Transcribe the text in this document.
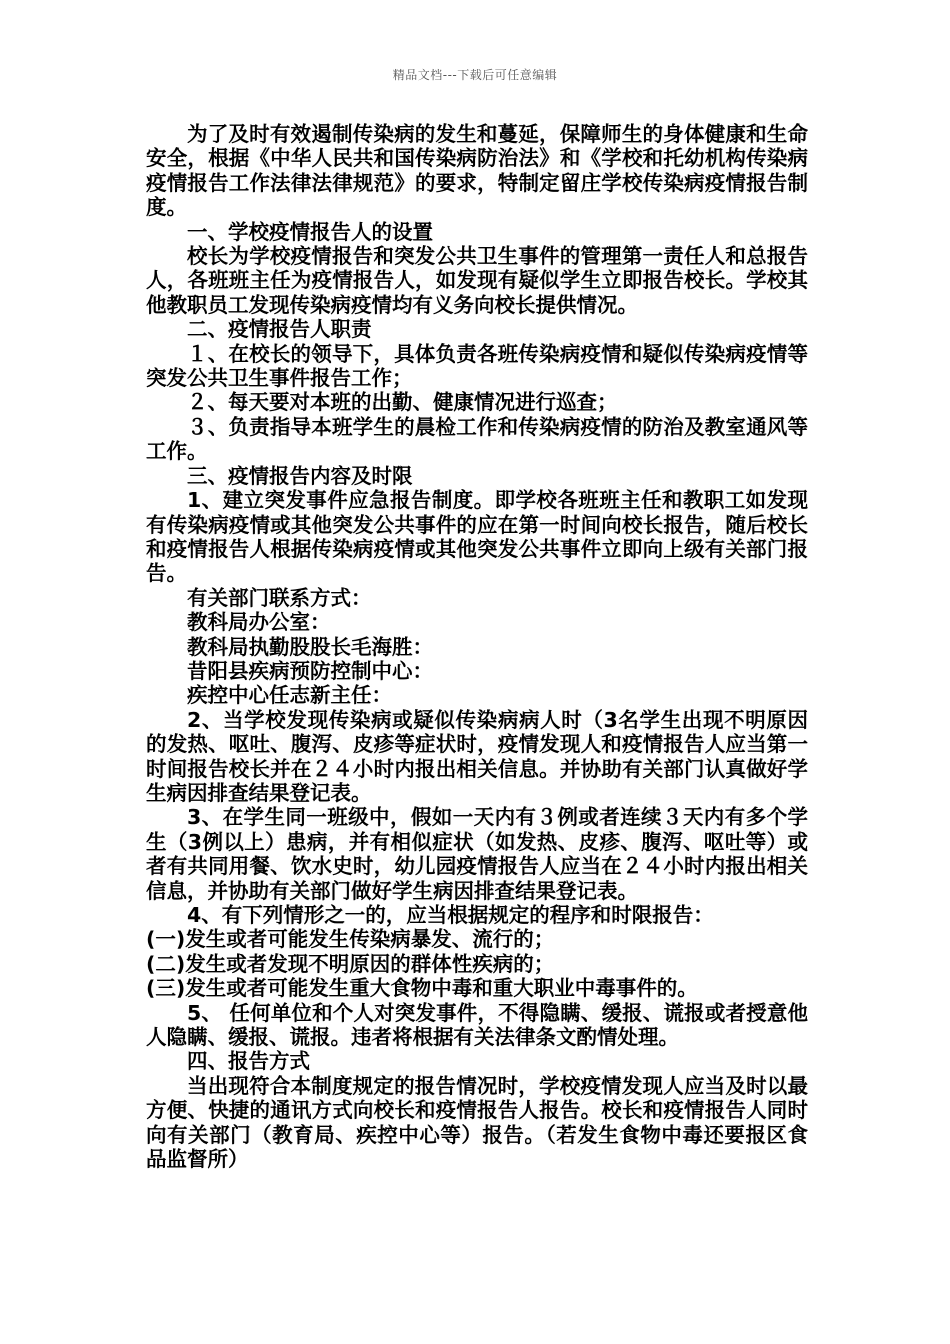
精品文档---下载后可任意编辑

为了及时有效遏制传染病的发生和蔓延，保障师生的身体健康和生命安全，根据《中华人民共和国传染病防治法》和《学校和托幼机构传染病疫情报告工作法律法律规范》的要求，特制定留庄学校传染病疫情报告制度。

一、学校疫情报告人的设置

校长为学校疫情报告和突发公共卫生事件的管理第一责任人和总报告人，各班班主任为疫情报告人，如发现有疑似学生立即报告校长。学校其他教职员工发现传染病疫情均有义务向校长提供情况。

二、疫情报告人职责

１、在校长的领导下，具体负责各班传染病疫情和疑似传染病疫情等突发公共卫生事件报告工作；

２、每天要对本班的出勤、健康情况进行巡查；

３、负责指导本班学生的晨检工作和传染病疫情的防治及教室通风等工作。

三、疫情报告内容及时限

1、建立突发事件应急报告制度。即学校各班班主任和教职工如发现有传染病疫情或其他突发公共事件的应在第一时间向校长报告，随后校长和疫情报告人根据传染病疫情或其他突发公共事件立即向上级有关部门报告。

有关部门联系方式：

教科局办公室：

教科局执勤股股长毛海胜：

昔阳县疾病预防控制中心：

疾控中心任志新主任：

2、当学校发现传染病或疑似传染病病人时（3名学生出现不明原因的发热、呕吐、腹泻、皮疹等症状时，疫情发现人和疫情报告人应当第一时间报告校长并在２４小时内报出相关信息。并协助有关部门认真做好学生病因排查结果登记表。

3、在学生同一班级中，假如一天内有３例或者连续３天内有多个学生（3例以上）患病，并有相似症状（如发热、皮疹、腹泻、呕吐等）或者有共同用餐、饮水史时，幼儿园疫情报告人应当在２４小时内报出相关信息，并协助有关部门做好学生病因排查结果登记表。

4、有下列情形之一的，应当根据规定的程序和时限报告：

(一)发生或者可能发生传染病暴发、流行的；

(二)发生或者发现不明原因的群体性疾病的；

(三)发生或者可能发生重大食物中毒和重大职业中毒事件的。

5、 任何单位和个人对突发事件，不得隐瞒、缓报、谎报或者授意他人隐瞒、缓报、谎报。违者将根据有关法律条文酌情处理。

四、报告方式

当出现符合本制度规定的报告情况时，学校疫情发现人应当及时以最方便、快捷的通讯方式向校长和疫情报告人报告。校长和疫情报告人同时向有关部门（教育局、疾控中心等）报告。（若发生食物中毒还要报区食品监督所）
